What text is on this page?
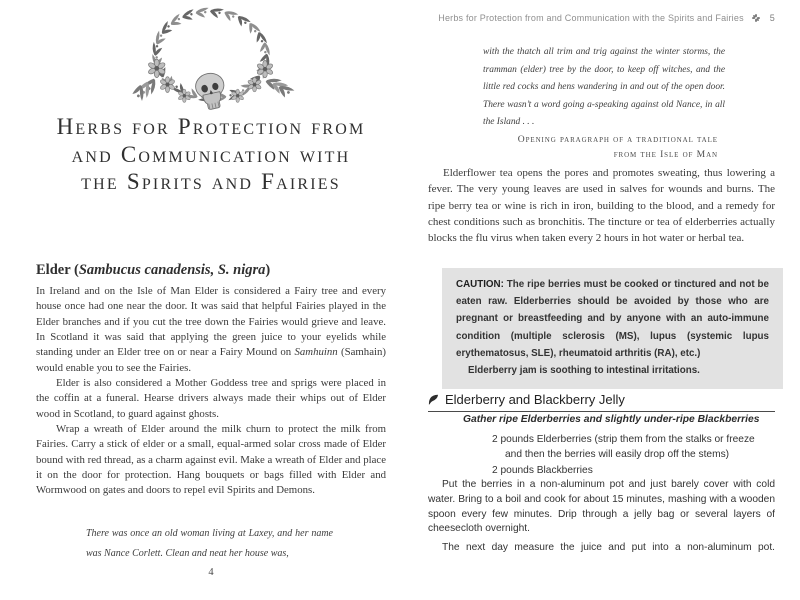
Herbs for Protection from
and Communication with
the Spirits and Fairies
Elder (Sambucus canadensis, S. nigra)

In Ireland and on the Isle of Man Elder is considered a Fairy tree and every house once had one near the door. It was said that helpful Fairies played in the Elder branches and if you cut the tree down the Fairies would grieve and leave. In Scotland it was said that applying the green juice to your eyelids while standing under an Elder tree on or near a Fairy Mound on Samhuinn (Samhain) would enable you to see the Fairies.

Elder is also considered a Mother Goddess tree and sprigs were placed in the coffin at a funeral. Hearse drivers always made their whips out of Elder wood in Scotland, to guard against ghosts.

Wrap a wreath of Elder around the milk churn to protect the milk from Fairies. Carry a stick of elder or a small, equal-armed solar cross made of Elder bound with red thread, as a charm against evil. Make a wreath of Elder and place it on the door for protection. Hang bouquets or bags filled with Elder and Wormwood on gates and doors to repel evil Spirits and Demons.

There was once an old woman living at Laxey, and her name was Nance Corlett. Clean and neat her house was,
4
Herbs for Protection from and Communication with the Spirits and Fairies	5
with the thatch all trim and trig against the winter storms, the tramman (elder) tree by the door, to keep off witches, and the little red cocks and hens wandering in and out of the open door. There wasn’t a word going a-speaking against old Nance, in all the Island . . .
Opening paragraph of a traditional tale
from the Isle of Man
Elderflower tea opens the pores and promotes sweating, thus lowering a fever. The very young leaves are used in salves for wounds and burns. The ripe berry tea or wine is rich in iron, building to the blood, and a remedy for chest conditions such as bronchitis. The tincture or tea of elderberries actually blocks the flu virus when taken every 2 hours in hot water or herbal tea.

CAUTION: The ripe berries must be cooked or tinctured and not be eaten raw. Elderberries should be avoided by those who are pregnant or breastfeeding and by anyone with an auto-immune condition (multiple sclerosis (MS), lupus (systemic lupus erythematosus, SLE), rheumatoid arthritis (RA), etc.)

Elderberry jam is soothing to intestinal irritations.

Elderberry and Blackberry Jelly
Gather ripe Elderberries and slightly under-ripe Blackberries
2 pounds Elderberries (strip them from the stalks or freeze
and then the berries will easily drop off the stems)
2 pounds Blackberries

Put the berries in a non-aluminum pot and just barely cover with cold water. Bring to a boil and cook for about 15 minutes, mashing with a wooden spoon every few minutes. Drip through a jelly bag or several layers of cheesecloth overnight.

The next day measure the juice and put into a non-aluminum pot.
